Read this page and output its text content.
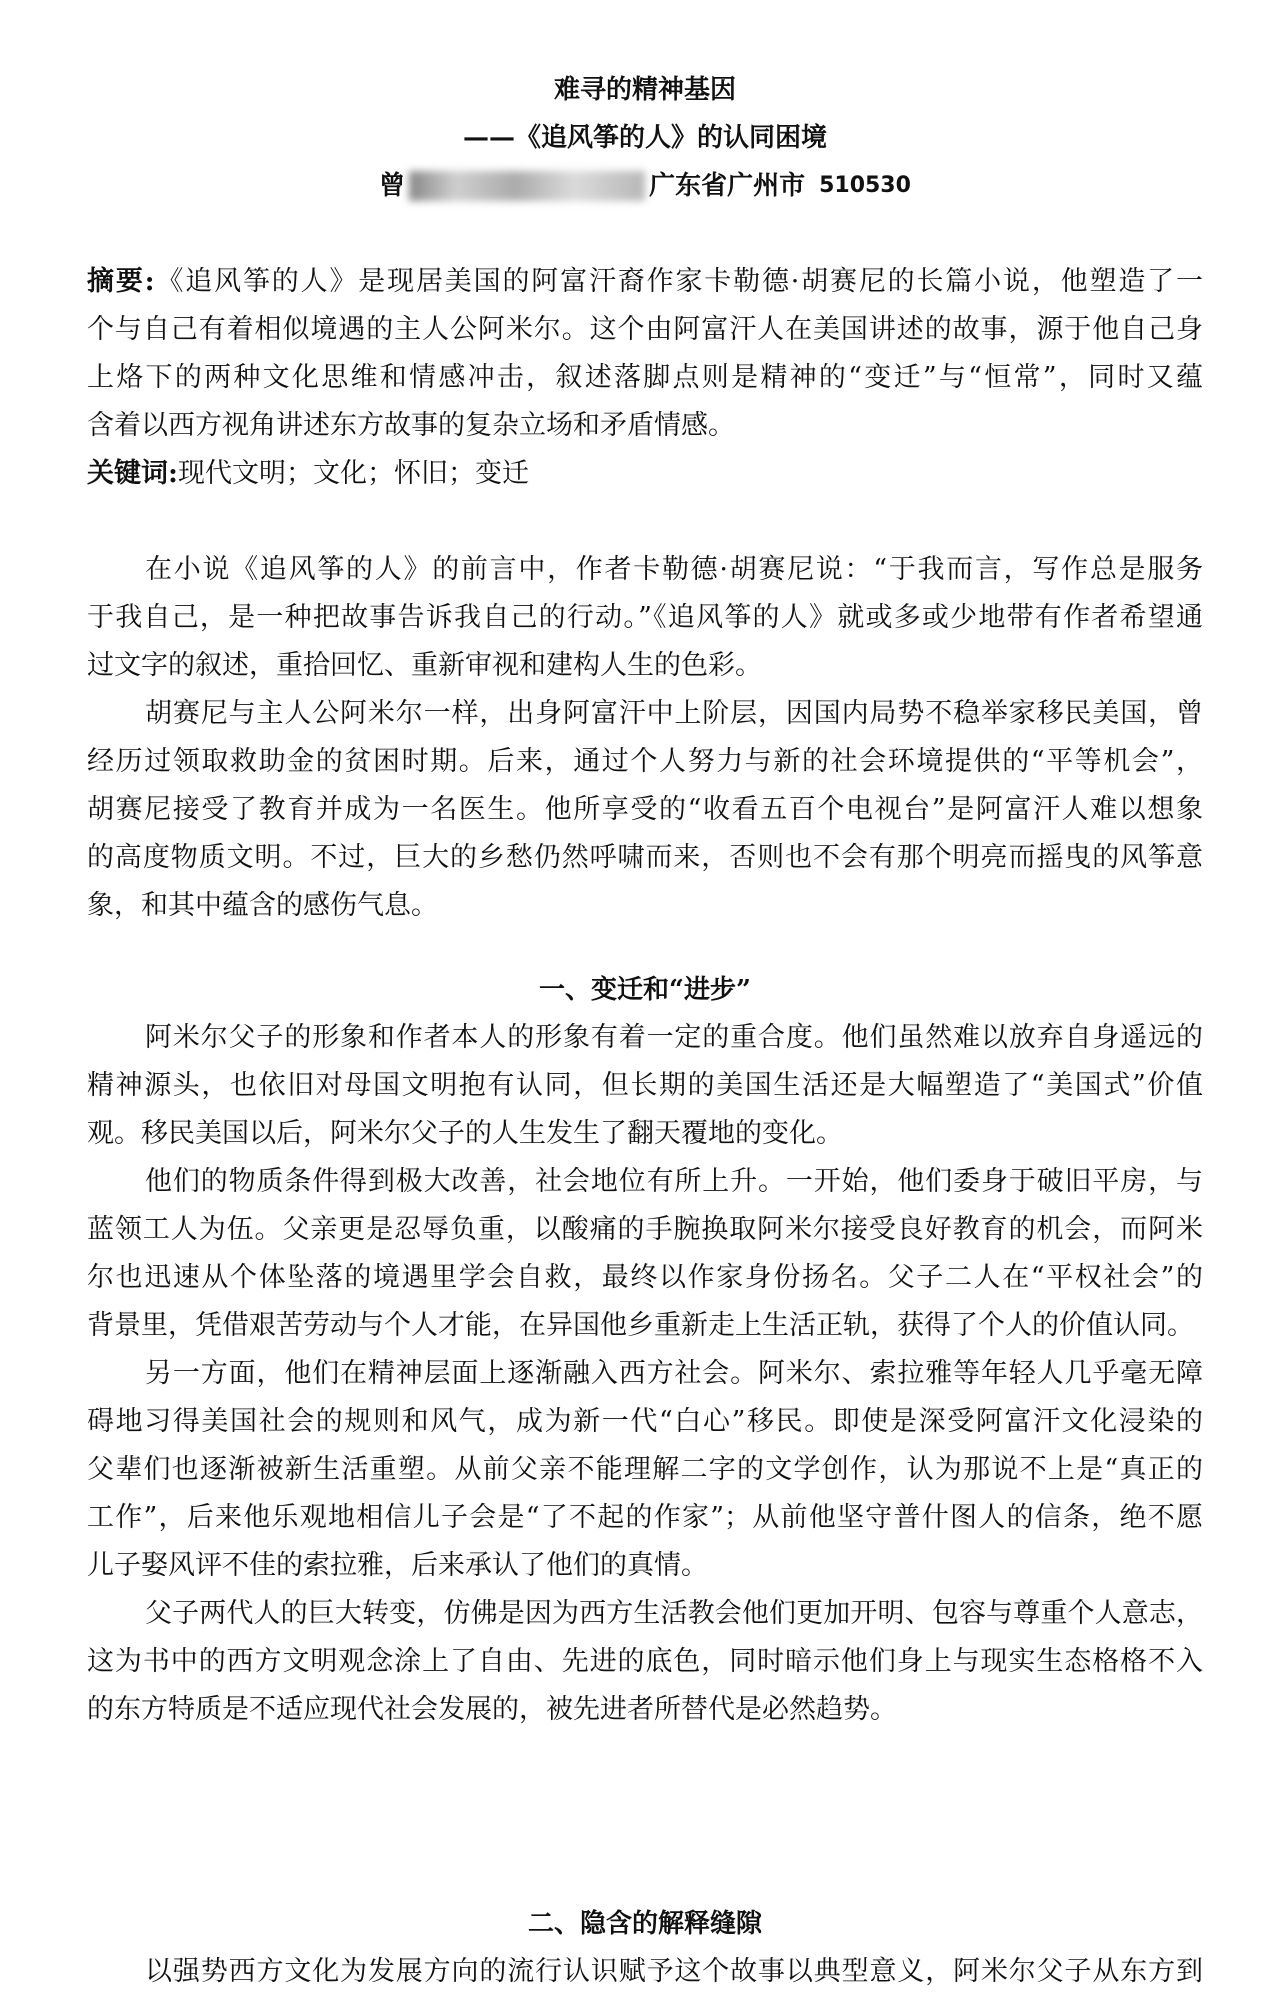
难寻的精神基因
——《追风筝的人》的认同困境
曾	广东省广州市 510530
摘要:《追风筝的人》是现居美国的阿富汗裔作家卡勒德·胡赛尼的长篇小说，他塑造了一
个与自己有着相似境遇的主人公阿米尔。这个由阿富汗人在美国讲述的故事，源于他自己身
上烙下的两种文化思维和情感冲击，叙述落脚点则是精神的“变迁”与“恒常”，同时又蕴
含着以西方视角讲述东方故事的复杂立场和矛盾情感。
关键词:现代文明；文化；怀旧；变迁
在小说《追风筝的人》的前言中，作者卡勒德·胡赛尼说：“于我而言，写作总是服务
于我自己，是一种把故事告诉我自己的行动。”《追风筝的人》就或多或少地带有作者希望通
过文字的叙述，重拾回忆、重新审视和建构人生的色彩。
胡赛尼与主人公阿米尔一样，出身阿富汗中上阶层，因国内局势不稳举家移民美国，曾
经历过领取救助金的贫困时期。后来，通过个人努力与新的社会环境提供的“平等机会”，
胡赛尼接受了教育并成为一名医生。他所享受的“收看五百个电视台”是阿富汗人难以想象
的高度物质文明。不过，巨大的乡愁仍然呼啸而来，否则也不会有那个明亮而摇曳的风筝意
象，和其中蕴含的感伤气息。
一、变迁和“进步”
阿米尔父子的形象和作者本人的形象有着一定的重合度。他们虽然难以放弃自身遥远的
精神源头，也依旧对母国文明抱有认同，但长期的美国生活还是大幅塑造了“美国式”价值
观。移民美国以后，阿米尔父子的人生发生了翻天覆地的变化。
他们的物质条件得到极大改善，社会地位有所上升。一开始，他们委身于破旧平房，与
蓝领工人为伍。父亲更是忍辱负重，以酸痛的手腕换取阿米尔接受良好教育的机会，而阿米
尔也迅速从个体坠落的境遇里学会自救，最终以作家身份扬名。父子二人在“平权社会”的
背景里，凭借艰苦劳动与个人才能，在异国他乡重新走上生活正轨，获得了个人的价值认同。
另一方面，他们在精神层面上逐渐融入西方社会。阿米尔、索拉雅等年轻人几乎毫无障
碍地习得美国社会的规则和风气，成为新一代“白心”移民。即使是深受阿富汗文化浸染的
父辈们也逐渐被新生活重塑。从前父亲不能理解二字的文学创作，认为那说不上是“真正的
工作”，后来他乐观地相信儿子会是“了不起的作家”；从前他坚守普什图人的信条，绝不愿
儿子娶风评不佳的索拉雅，后来承认了他们的真情。
父子两代人的巨大转变，仿佛是因为西方生活教会他们更加开明、包容与尊重个人意志，
这为书中的西方文明观念涂上了自由、先进的底色，同时暗示他们身上与现实生态格格不入
的东方特质是不适应现代社会发展的，被先进者所替代是必然趋势。
二、隐含的解释缝隙
以强势西方文化为发展方向的流行认识赋予这个故事以典型意义，阿米尔父子从东方到
